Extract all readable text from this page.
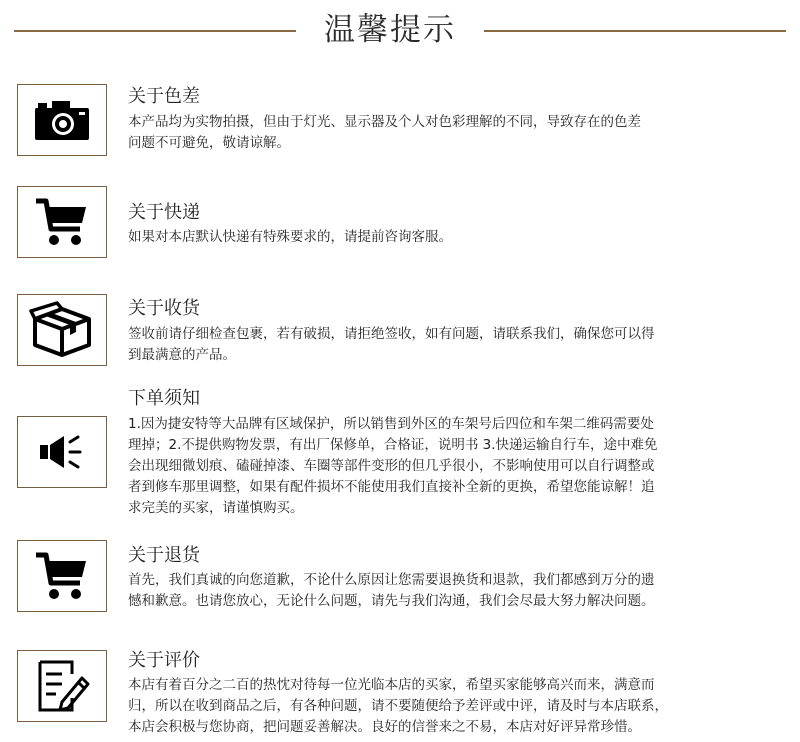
温馨提示
关于色差
本产品均为实物拍摄，但由于灯光、显示器及个人对色彩理解的不同，导致存在的色差
问题不可避免，敬请谅解。
关于快递
如果对本店默认快递有特殊要求的，请提前咨询客服。
关于收货
签收前请仔细检查包裹，若有破损，请拒绝签收，如有问题，请联系我们，确保您可以得
到最满意的产品。
下单须知
1.因为捷安特等大品牌有区域保护，所以销售到外区的车架号后四位和车架二维码需要处
理掉；2.不提供购物发票，有出厂保修单，合格证，说明书 3.快递运输自行车，途中难免
会出现细微划痕、磕碰掉漆、车圈等部件变形的但几乎很小，不影响使用可以自行调整或
者到修车那里调整，如果有配件损坏不能使用我们直接补全新的更换，希望您能谅解！追
求完美的买家，请谨慎购买。
关于退货
首先，我们真诚的向您道歉，不论什么原因让您需要退换货和退款，我们都感到万分的遗
憾和歉意。也请您放心，无论什么问题，请先与我们沟通，我们会尽最大努力解决问题。
关于评价
本店有着百分之二百的热忱对待每一位光临本店的买家，希望买家能够高兴而来，满意而
归，所以在收到商品之后，有各种问题，请不要随便给予差评或中评，请及时与本店联系，
本店会积极与您协商，把问题妥善解决。良好的信誉来之不易，本店对好评异常珍惜。
